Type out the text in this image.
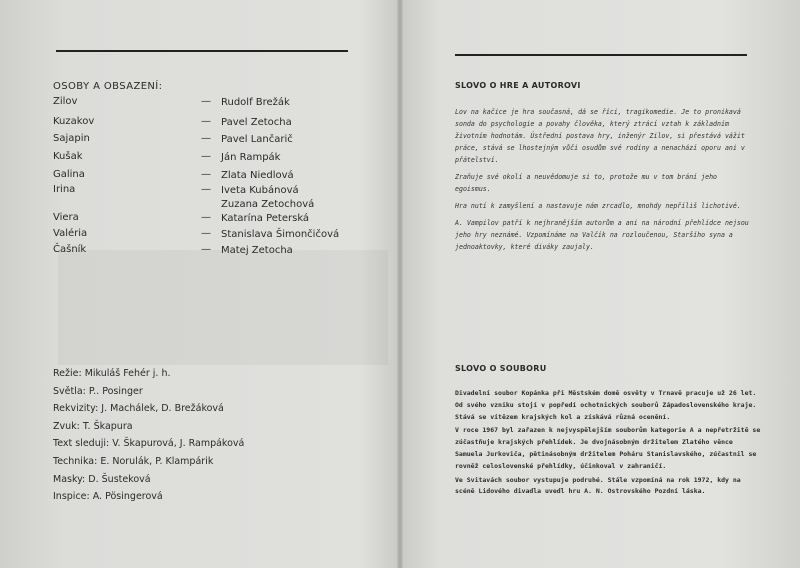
OSOBY A OBSAZENÍ:
Zilov	— Rudolf Brežák
Kuzakov	— Pavel Zetocha
Sajapin	— Pavel Lančarič
Kušak	— Ján Rampák
Galina	— Zlata Niedlová
Irina	— Iveta Kubánová
Zuzana Zetochová
Viera	— Katarína Peterská
Valéria	— Stanislava Šimončičová
Čašník	— Matej Zetocha
Režie: Mikuláš Fehér j. h.
Světla: P.. Posinger
Rekvizity: J. Machálek, D. Brežáková
Zvuk: T. Škapura
Text sleduji: V. Škapurová, J. Rampáková
Technika: E. Norulák, P. Klampárik
Masky: D. Šusteková
Inspice: A. Pösingerová
SLOVO O HRE A AUTOROVI

Lov na kačice je hra současná, dá se říci, tragikomedie. Je to pronikavá sonda do psychologie a povahy člověka, který ztrácí vztah k základním životním hodnotám. Ústřední postava hry, inženýr Zilov, si přestává vážit práce, stává se lhostejným vůči osudům své rodiny a nenachází oporu ani v přátelství.

Zraňuje své okolí a neuvědomuje si to, protože mu v tom brání jeho egoismus.

Hra nutí k zamyšlení a nastavuje nám zrcadlo, mnohdy nepříliš lichotivé.

A. Vampilov patří k nejhranějším autorům a ani na národní přehlídce nejsou jeho hry neznámé. Vzpomínáme na Valčík na rozloučenou, Staršího syna a jednoaktovky, které diváky zaujaly.

SLOVO O SOUBORU

Divadelní soubor Kopánka při Městském domě osvěty v Trnavě pracuje už 26 let. Od svého vzniku stojí v popředí ochotnických souborů Západoslovenského kraje. Stává se vítězem krajských kol a získává různá ocenění.

V roce 1967 byl zařazen k nejvyspělejším souborům kategorie A a nepřetržitě se zúčastňuje krajských přehlídek. Je dvojnásobným držitelem Zlatého věnce Samuela Jurkoviča, pětinásobným držitelem Poháru Stanislavského, zúčastnil se rovněž celoslovenské přehlídky, účinkoval v zahraničí.

Ve Svitavách soubor vystupuje podruhé. Stále vzpomíná na rok 1972, kdy na scéně Lidového divadla uvedl hru A. N. Ostrovského Pozdní láska.
